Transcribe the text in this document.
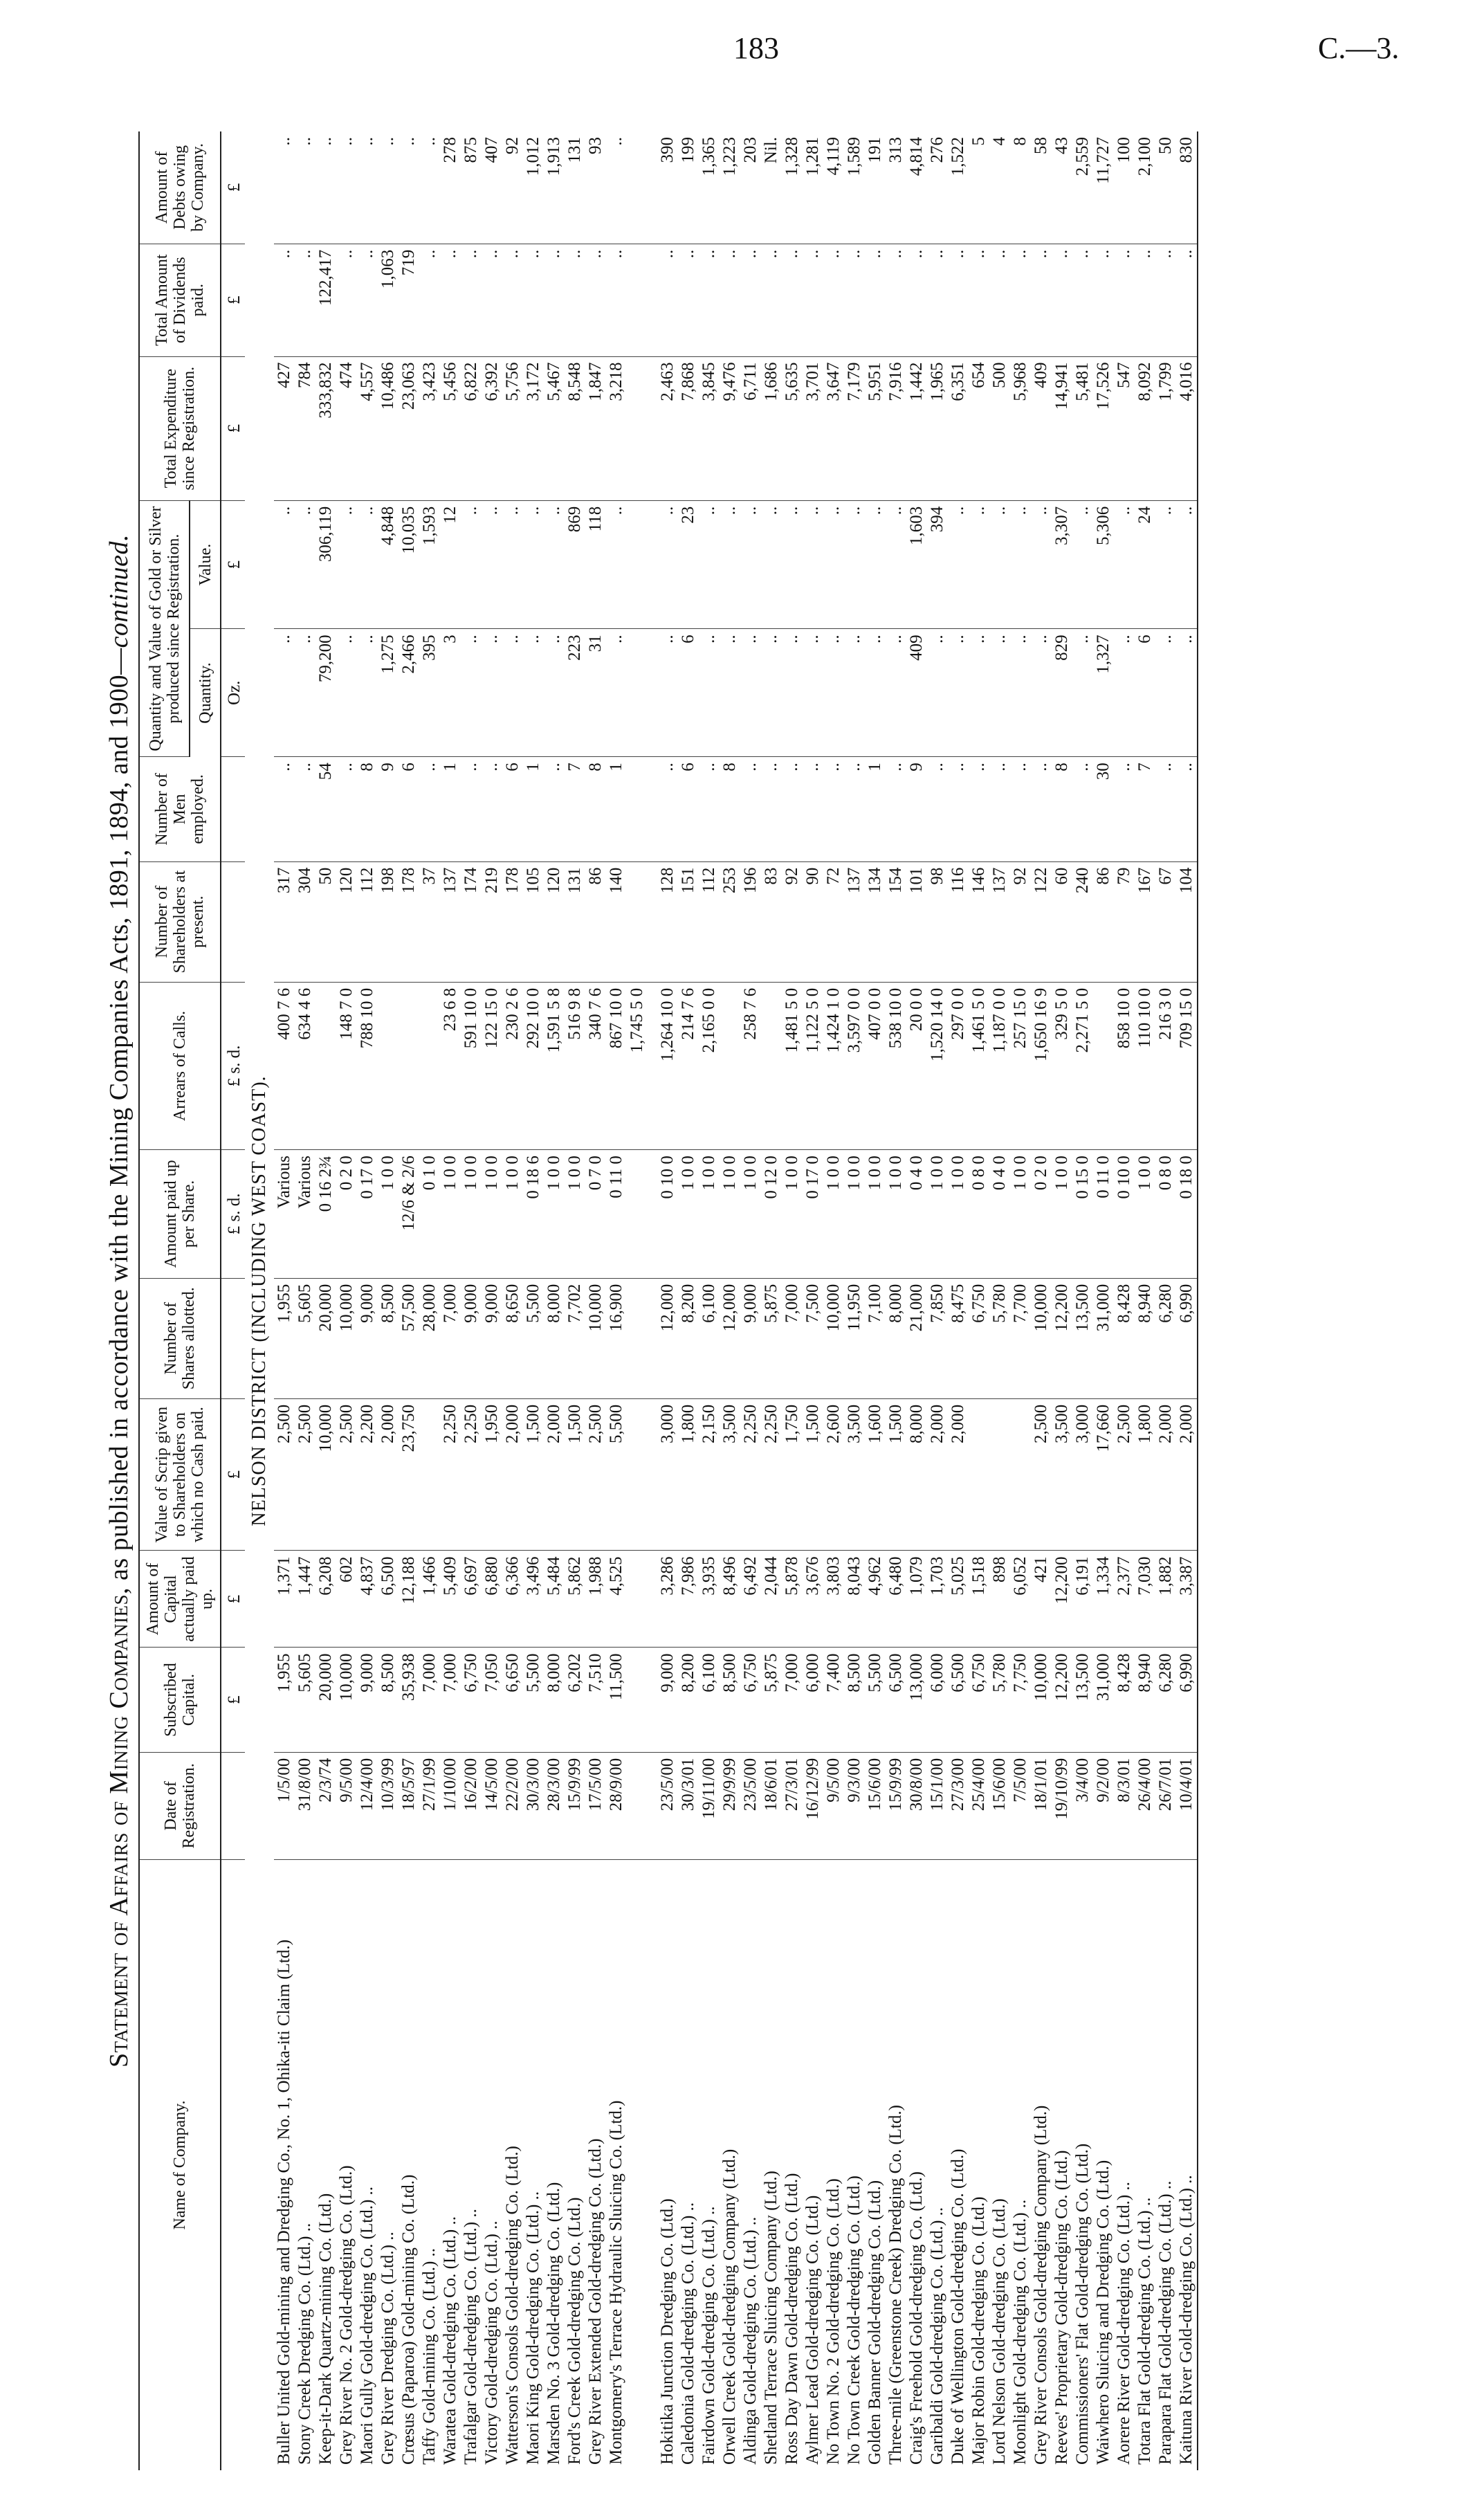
183	C.—3.
Statement of Affairs of Mining Companies, as published in accordance with the Mining Companies Acts, 1891, 1894, and 1900—continued.
Name of Company.	Date of Registration.	Subscribed Capital.	Amount of Capital actually paid up.	Value of Scrip given to Shareholders on which no Cash paid.	Number of Shares allotted.	Amount paid up per Share.	Arrears of Calls.	Number of Shareholders at present.	Number of Men employed.	Quantity and Value of Gold or Silver produced since Registration.		Total Expenditure since Registration.	Total Amount of Dividends paid.	Amount of Debts owing by Company.
										Quantity.	Value.			
		£	£	£		£ s. d.	£ s. d.			Oz.	£	£	£	£
NELSON DISTRICT (INCLUDING WEST COAST).														
Buller United Gold-mining and Dredging Co., No. 1, Ohika-iti Claim (Ltd.)	1/5/00	1,955	1,371	2,500	1,955	Various	400 7 6	317	..	..	..	427	..	..
Stony Creek Dredging Co. (Ltd.) ..	31/8/00	5,605	1,447	2,500	5,605	Various	634 4 6	304	..	..	..	784	..	..
Keep-it-Dark Quartz-mining Co. (Ltd.)	2/3/74	20,000	6,208	10,000	20,000	0 16 2¾		50	54	79,200	306,119	333,832	122,417	..
Grey River No. 2 Gold-dredging Co. (Ltd.)	9/5/00	10,000	602	2,500	10,000	0 2 0	148 7 0	120	..	..	..	474	..	..
Maori Gully Gold-dredging Co. (Ltd.) ..	12/4/00	9,000	4,837	2,200	9,000	0 17 0	788 10 0	112	8	..	..	4,557	..	..
Grey River Dredging Co. (Ltd.) ..	10/3/99	8,500	6,500	2,000	8,500	1 0 0		198	9	1,275	4,848	10,486	1,063	..
Crœsus (Paparoa) Gold-mining Co. (Ltd.)	18/5/97	35,938	12,188	23,750	57,500	12/6 & 2/6		178	6	2,466	10,035	23,063	719	..
Taffy Gold-mining Co. (Ltd.) ..	27/1/99	7,000	1,466		28,000	0 1 0		37	..	395	1,593	3,423	..	..
Waratea Gold-dredging Co. (Ltd.) ..	1/10/00	7,000	5,409	2,250	7,000	1 0 0	23 6 8	137	1	3	12	5,456	..	278
Trafalgar Gold-dredging Co. (Ltd.) ..	16/2/00	6,750	6,697	2,250	9,000	1 0 0	591 10 0	174	..	..	..	6,822	..	875
Victory Gold-dredging Co. (Ltd.) ..	14/5/00	7,050	6,880	1,950	9,000	1 0 0	122 15 0	219	..	..	..	6,392	..	407
Watterson's Consols Gold-dredging Co. (Ltd.)	22/2/00	6,650	6,366	2,000	8,650	1 0 0	230 2 6	178	6	..	..	5,756	..	92
Maori King Gold-dredging Co. (Ltd.) ..	30/3/00	5,500	3,496	1,500	5,500	0 18 6	292 10 0	105	1	..	..	3,172	..	1,012
Marsden No. 3 Gold-dredging Co. (Ltd.)	28/3/00	8,000	5,484	2,000	8,000	1 0 0	1,591 5 8	120	..	..	..	5,467	..	1,913
Ford's Creek Gold-dredging Co. (Ltd.)	15/9/99	6,202	5,862	1,500	7,702	1 0 0	516 9 8	131	7	223	869	8,548	..	131
Grey River Extended Gold-dredging Co. (Ltd.)	17/5/00	7,510	1,988	2,500	10,000	0 7 0	340 7 6	86	8	31	118	1,847	..	93
Montgomery's Terrace Hydraulic Sluicing Co. (Ltd.)	28/9/00	11,500	4,525	5,500	16,900	0 11 0	867 10 0	140	1	..	..	3,218	..	..
							1,745 5 0							

Hokitika Junction Dredging Co. (Ltd.)	23/5/00	9,000	3,286	3,000	12,000	0 10 0	1,264 10 0	128	..	..	..	2,463	..	390
Caledonia Gold-dredging Co. (Ltd.) ..	30/3/01	8,200	7,986	1,800	8,200	1 0 0	214 7 6	151	6	6	23	7,868	..	199
Fairdown Gold-dredging Co. (Ltd.) ..	19/11/00	6,100	3,935	2,150	6,100	1 0 0	2,165 0 0	112	..	..	..	3,845	..	1,365
Orwell Creek Gold-dredging Company (Ltd.)	29/9/99	8,500	8,496	3,500	12,000	1 0 0		253	8	..	..	9,476	..	1,223
Aldinga Gold-dredging Co. (Ltd.) ..	23/5/00	6,750	6,492	2,250	9,000	1 0 0	258 7 6	196	..	..	..	6,711	..	203
Shetland Terrace Sluicing Company (Ltd.)	18/6/01	5,875	2,044	2,250	5,875	0 12 0		83	..	..	..	1,686	..	Nil.
Ross Day Dawn Gold-dredging Co. (Ltd.)	27/3/01	7,000	5,878	1,750	7,000	1 0 0	1,481 5 0	92	..	..	..	5,635	..	1,328
Aylmer Lead Gold-dredging Co. (Ltd.)	16/12/99	6,000	3,676	1,500	7,500	0 17 0	1,122 5 0	90	..	..	..	3,701	..	1,281
No Town No. 2 Gold-dredging Co. (Ltd.)	9/5/00	7,400	3,803	2,600	10,000	1 0 0	1,424 1 0	72	..	..	..	3,647	..	4,119
No Town Creek Gold-dredging Co. (Ltd.)	9/3/00	8,500	8,043	3,500	11,950	1 0 0	3,597 0 0	137	..	..	..	7,179	..	1,589
Golden Banner Gold-dredging Co. (Ltd.)	15/6/00	5,500	4,962	1,600	7,100	1 0 0	407 0 0	134	1	..	..	5,951	..	191
Three-mile (Greenstone Creek) Dredging Co. (Ltd.)	15/9/99	6,500	6,480	1,500	8,000	1 0 0	538 10 0	154	..	..	..	7,916	..	313
Craig's Freehold Gold-dredging Co. (Ltd.)	30/8/00	13,000	1,079	8,000	21,000	0 4 0	20 0 0	101	9	409	1,603	1,442	..	4,814
Garibaldi Gold-dredging Co. (Ltd.) ..	15/1/00	6,000	1,703	2,000	7,850	1 0 0	1,520 14 0	98	..	..	394	1,965	..	276
Duke of Wellington Gold-dredging Co. (Ltd.)	27/3/00	6,500	5,025	2,000	8,475	1 0 0	297 0 0	116	..	..	..	6,351	..	1,522
Major Robin Gold-dredging Co. (Ltd.)	25/4/00	6,750	1,518		6,750	0 8 0	1,461 5 0	146	..	..	..	654	..	5
Lord Nelson Gold-dredging Co. (Ltd.)	15/6/00	5,780	898		5,780	0 4 0	1,187 0 0	137	..	..	..	500	..	4
Moonlight Gold-dredging Co. (Ltd.) ..	7/5/00	7,750	6,052		7,700	1 0 0	257 15 0	92	..	..	..	5,968	..	8
Grey River Consols Gold-dredging Company (Ltd.)	18/1/01	10,000	421	2,500	10,000	0 2 0	1,650 16 9	122	..	..	..	409	..	58
Reeves' Proprietary Gold-dredging Co. (Ltd.)	19/10/99	12,200	12,200	3,500	12,200	1 0 0	329 5 0	60	8	829	3,307	14,941	..	43
Commissioners' Flat Gold-dredging Co. (Ltd.)	3/4/00	13,500	6,191	3,000	13,500	0 15 0	2,271 5 0	240	..	..	..	5,481	..	2,559
Waiwhero Sluicing and Dredging Co. (Ltd.)	9/2/00	31,000	1,334	17,660	31,000	0 11 0		86	30	1,327	5,306	17,526	..	11,727
Aorere River Gold-dredging Co. (Ltd.) ..	8/3/01	8,428	2,377	2,500	8,428	0 10 0	858 10 0	79	..	..	..	547	..	100
Totara Flat Gold-dredging Co. (Ltd.) ..	26/4/00	8,940	7,030	1,800	8,940	1 0 0	110 10 0	167	7	6	24	8,092	..	2,100
Parapara Flat Gold-dredging Co. (Ltd.) ..	26/7/01	6,280	1,882	2,000	6,280	0 8 0	216 3 0	67	..	..	..	1,799	..	50
Kaituna River Gold-dredging Co. (Ltd.) ..	10/4/01	6,990	3,387	2,000	6,990	0 18 0	709 15 0	104	..	..	..	4,016	..	830
